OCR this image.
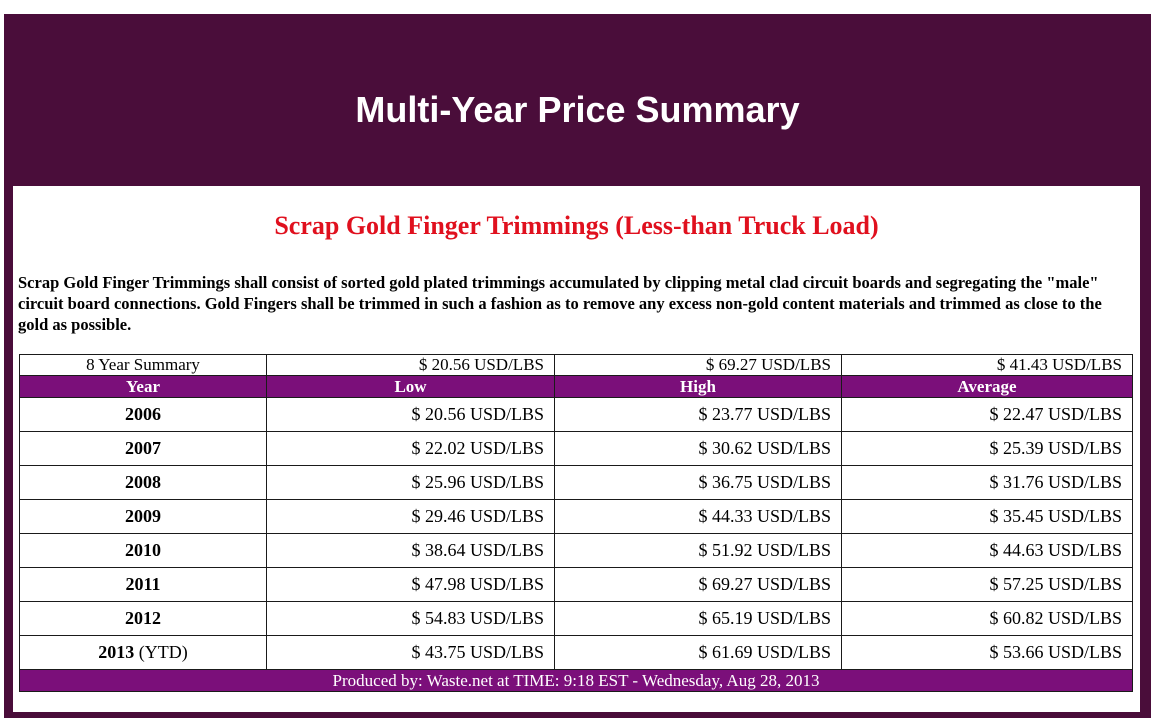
Multi-Year Price Summary
Scrap Gold Finger Trimmings (Less-than Truck Load)

Scrap Gold Finger Trimmings shall consist of sorted gold plated trimmings accumulated by clipping metal clad circuit boards and segregating the "male" circuit board connections. Gold Fingers shall be trimmed in such a fashion as to remove any excess non-gold content materials and trimmed as close to the gold as possible.

8 Year Summary	$ 20.56 USD/LBS	$ 69.27 USD/LBS	$ 41.43 USD/LBS
Year	Low	High	Average
2006	$ 20.56 USD/LBS	$ 23.77 USD/LBS	$ 22.47 USD/LBS
2007	$ 22.02 USD/LBS	$ 30.62 USD/LBS	$ 25.39 USD/LBS
2008	$ 25.96 USD/LBS	$ 36.75 USD/LBS	$ 31.76 USD/LBS
2009	$ 29.46 USD/LBS	$ 44.33 USD/LBS	$ 35.45 USD/LBS
2010	$ 38.64 USD/LBS	$ 51.92 USD/LBS	$ 44.63 USD/LBS
2011	$ 47.98 USD/LBS	$ 69.27 USD/LBS	$ 57.25 USD/LBS
2012	$ 54.83 USD/LBS	$ 65.19 USD/LBS	$ 60.82 USD/LBS
2013 (YTD)	$ 43.75 USD/LBS	$ 61.69 USD/LBS	$ 53.66 USD/LBS
Produced by: Waste.net at TIME: 9:18 EST - Wednesday, Aug 28, 2013			
